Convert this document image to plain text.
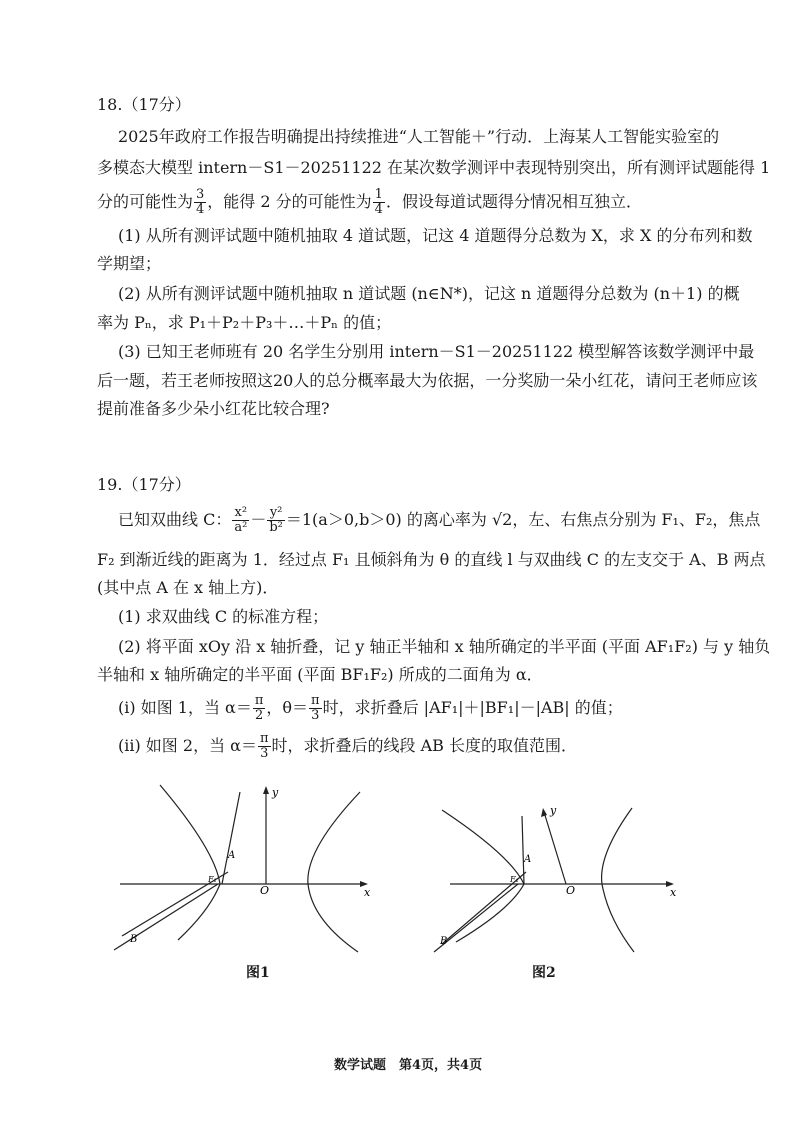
18.（17分）
2025年政府工作报告明确提出持续推进“人工智能＋”行动．上海某人工智能实验室的
多模态大模型 intern－S1－20251122 在某次数学测评中表现特别突出，所有测评试题能得 1
分的可能性为 $\frac{3}{4}$ ，能得 2 分的可能性为 $\frac{1}{4}$ ．假设每道试题得分情况相互独立．
(1) 从所有测评试题中随机抽取 4 道试题，记这 4 道题得分总数为 X，求 X 的分布列和数
学期望；
(2) 从所有测评试题中随机抽取 n 道试题 (n∈N*)，记这 n 道题得分总数为 (n＋1) 的概
率为 Pₙ，求 P₁＋P₂＋P₃＋…＋Pₙ 的值；
(3) 已知王老师班有 20 名学生分别用 intern－S1－20251122 模型解答该数学测评中最
后一题，若王老师按照这20人的总分概率最大为依据，一分奖励一朵小红花，请问王老师应该
提前准备多少朵小红花比较合理?
19.（17分）
已知双曲线 C： $\frac{\text{x²}}{\text{a²}} - \frac{\text{y²}}{\text{b²}} =1(a>0,b>0)$ 的离心率为 √2，左、右焦点分别为 F₁、F₂，焦点
F₂ 到渐近线的距离为 1．经过点 F₁ 且倾斜角为 θ 的直线 l 与双曲线 C 的左支交于 A、B 两点
(其中点 A 在 x 轴上方)．
(1) 求双曲线 C 的标准方程；
(2) 将平面 xOy 沿 x 轴折叠，记 y 轴正半轴和 x 轴所确定的半平面 (平面 AF₁F₂) 与 y 轴负
半轴和 x 轴所确定的半平面 (平面 BF₁F₂) 所成的二面角为 α．
(i) 如图 1，当 $\alpha= \frac{\pi}{2}$ ，$\theta= \frac{\pi}{3}$ 时，求折叠后 |AF₁|＋|BF₁|－|AB| 的值；
(ii) 如图 2，当 $\alpha= \frac{\pi}{3}$ 时，求折叠后的线段 AB 长度的取值范围．
y
x
O
A
B
F₁
图1
y
x
O
A
B
F₁
图2
数学试题　第4页，共4页
